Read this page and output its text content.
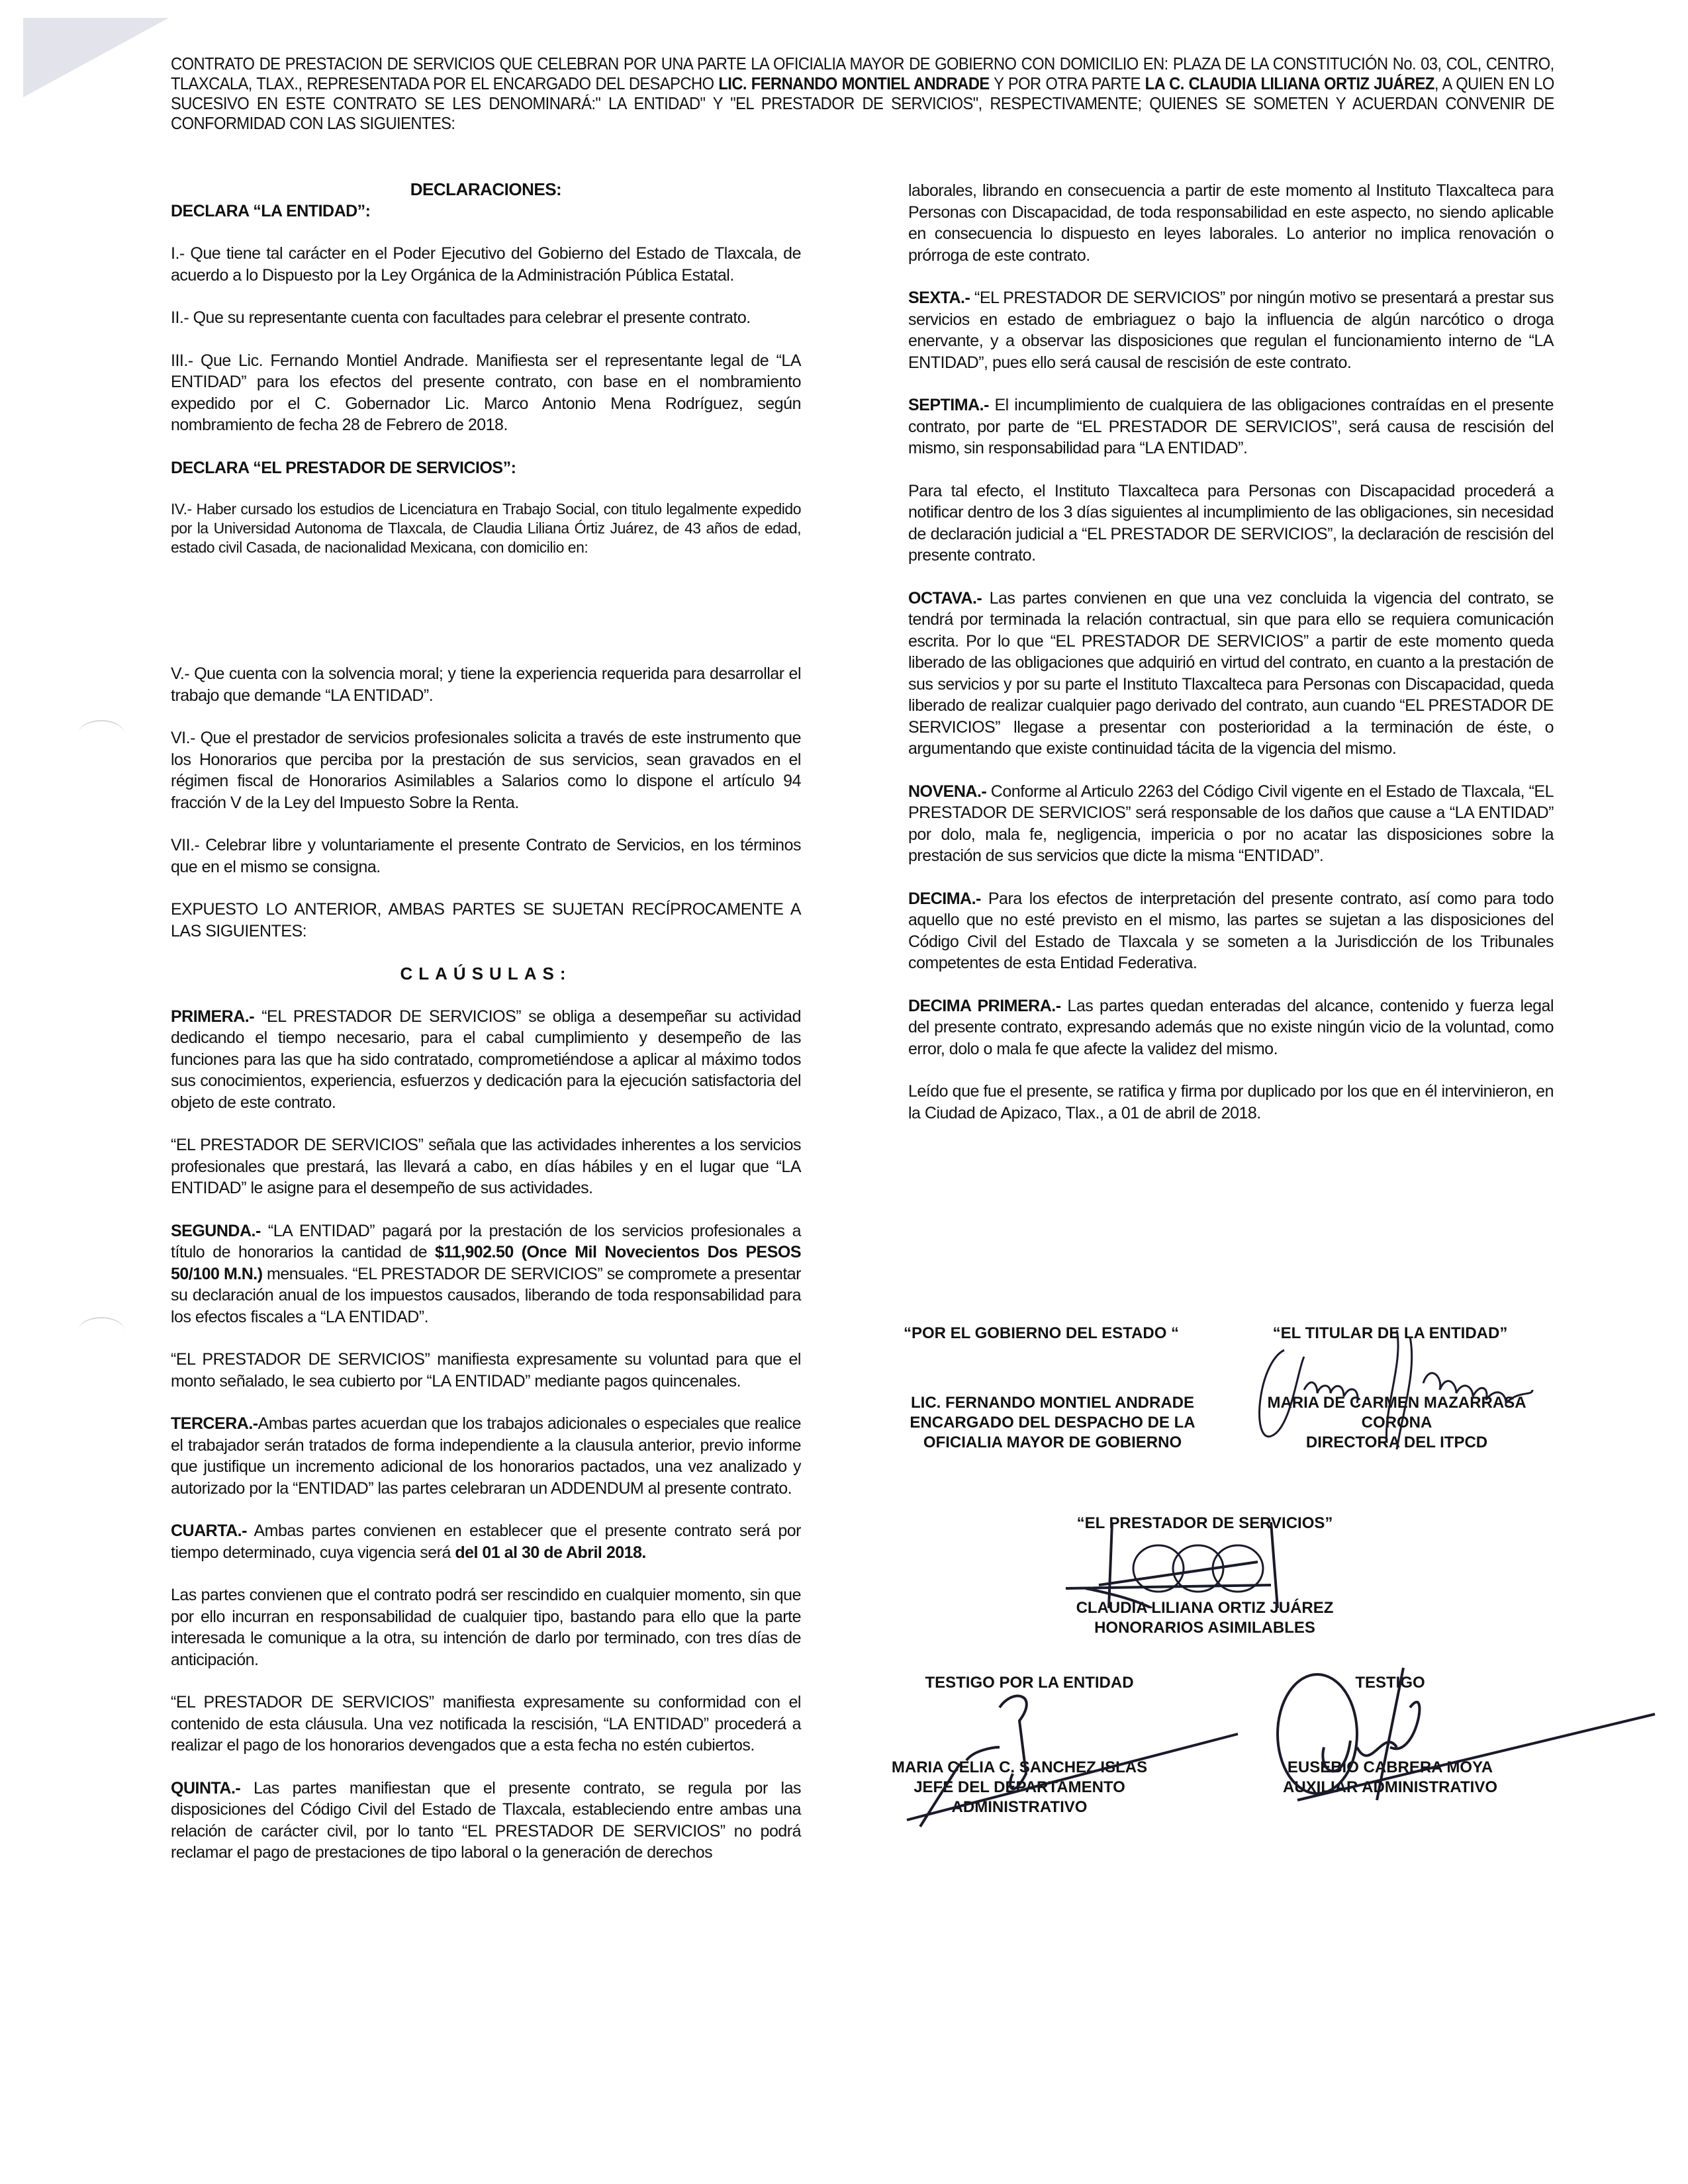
CONTRATO DE PRESTACION DE SERVICIOS QUE CELEBRAN POR UNA PARTE LA OFICIALIA MAYOR DE GOBIERNO CON DOMICILIO EN: PLAZA DE LA CONSTITUCIÓN No. 03, COL, CENTRO, TLAXCALA, TLAX., REPRESENTADA POR EL ENCARGADO DEL DESAPCHO LIC. FERNANDO MONTIEL ANDRADE Y POR OTRA PARTE LA C. CLAUDIA LILIANA ORTIZ JUÁREZ, A QUIEN EN LO SUCESIVO EN ESTE CONTRATO SE LES DENOMINARÁ:" LA ENTIDAD" Y "EL PRESTADOR DE SERVICIOS", RESPECTIVAMENTE; QUIENES SE SOMETEN Y ACUERDAN CONVENIR DE CONFORMIDAD CON LAS SIGUIENTES:

DECLARACIONES:

DECLARA “LA ENTIDAD”:

I.- Que tiene tal carácter en el Poder Ejecutivo del Gobierno del Estado de Tlaxcala, de acuerdo a lo Dispuesto por la Ley Orgánica de la Administración Pública Estatal.

II.- Que su representante cuenta con facultades para celebrar el presente contrato.

III.- Que Lic. Fernando Montiel Andrade. Manifiesta ser el representante legal de “LA ENTIDAD” para los efectos del presente contrato, con base en el nombramiento expedido por el C. Gobernador Lic. Marco Antonio Mena Rodríguez, según nombramiento de fecha 28 de Febrero de 2018.

DECLARA “EL PRESTADOR DE SERVICIOS”:

IV.- Haber cursado los estudios de Licenciatura en Trabajo Social, con titulo legalmente expedido por la Universidad Autonoma de Tlaxcala, de Claudia Liliana Órtiz Juárez, de 43 años de edad, estado civil Casada, de nacionalidad Mexicana, con domicilio en:

V.- Que cuenta con la solvencia moral; y tiene la experiencia requerida para desarrollar el trabajo que demande “LA ENTIDAD”.

VI.- Que el prestador de servicios profesionales solicita a través de este instrumento que los Honorarios que perciba por la prestación de sus servicios, sean gravados en el régimen fiscal de Honorarios Asimilables a Salarios como lo dispone el artículo 94 fracción V de la Ley del Impuesto Sobre la Renta.

VII.- Celebrar libre y voluntariamente el presente Contrato de Servicios, en los términos que en el mismo se consigna.

EXPUESTO LO ANTERIOR, AMBAS PARTES SE SUJETAN RECÍPROCAMENTE A LAS SIGUIENTES:

CLAÚSULAS:

PRIMERA.- “EL PRESTADOR DE SERVICIOS” se obliga a desempeñar su actividad dedicando el tiempo necesario, para el cabal cumplimiento y desempeño de las funciones para las que ha sido contratado, comprometiéndose a aplicar al máximo todos sus conocimientos, experiencia, esfuerzos y dedicación para la ejecución satisfactoria del objeto de este contrato.

“EL PRESTADOR DE SERVICIOS” señala que las actividades inherentes a los servicios profesionales que prestará, las llevará a cabo, en días hábiles y en el lugar que “LA ENTIDAD” le asigne para el desempeño de sus actividades.

SEGUNDA.- “LA ENTIDAD” pagará por la prestación de los servicios profesionales a título de honorarios la cantidad de $11,902.50 (Once Mil Novecientos Dos PESOS 50/100 M.N.) mensuales. “EL PRESTADOR DE SERVICIOS” se compromete a presentar su declaración anual de los impuestos causados, liberando de toda responsabilidad para los efectos fiscales a “LA ENTIDAD”.

“EL PRESTADOR DE SERVICIOS” manifiesta expresamente su voluntad para que el monto señalado, le sea cubierto por “LA ENTIDAD” mediante pagos quincenales.

TERCERA.-Ambas partes acuerdan que los trabajos adicionales o especiales que realice el trabajador serán tratados de forma independiente a la clausula anterior, previo informe que justifique un incremento adicional de los honorarios pactados, una vez analizado y autorizado por la “ENTIDAD” las partes celebraran un ADDENDUM al presente contrato.

CUARTA.- Ambas partes convienen en establecer que el presente contrato será por tiempo determinado, cuya vigencia será del 01 al 30 de Abril 2018.

Las partes convienen que el contrato podrá ser rescindido en cualquier momento, sin que por ello incurran en responsabilidad de cualquier tipo, bastando para ello que la parte interesada le comunique a la otra, su intención de darlo por terminado, con tres días de anticipación.

“EL PRESTADOR DE SERVICIOS” manifiesta expresamente su conformidad con el contenido de esta cláusula. Una vez notificada la rescisión, “LA ENTIDAD” procederá a realizar el pago de los honorarios devengados que a esta fecha no estén cubiertos.

QUINTA.- Las partes manifiestan que el presente contrato, se regula por las disposiciones del Código Civil del Estado de Tlaxcala, estableciendo entre ambas una relación de carácter civil, por lo tanto “EL PRESTADOR DE SERVICIOS” no podrá reclamar el pago de prestaciones de tipo laboral o la generación de derechos

laborales, librando en consecuencia a partir de este momento al Instituto Tlaxcalteca para Personas con Discapacidad, de toda responsabilidad en este aspecto, no siendo aplicable en consecuencia lo dispuesto en leyes laborales. Lo anterior no implica renovación o prórroga de este contrato.

SEXTA.- “EL PRESTADOR DE SERVICIOS” por ningún motivo se presentará a prestar sus servicios en estado de embriaguez o bajo la influencia de algún narcótico o droga enervante, y a observar las disposiciones que regulan el funcionamiento interno de “LA ENTIDAD”, pues ello será causal de rescisión de este contrato.

SEPTIMA.- El incumplimiento de cualquiera de las obligaciones contraídas en el presente contrato, por parte de “EL PRESTADOR DE SERVICIOS”, será causa de rescisión del mismo, sin responsabilidad para “LA ENTIDAD”.

Para tal efecto, el Instituto Tlaxcalteca para Personas con Discapacidad procederá a notificar dentro de los 3 días siguientes al incumplimiento de las obligaciones, sin necesidad de declaración judicial a “EL PRESTADOR DE SERVICIOS”, la declaración de rescisión del presente contrato.

OCTAVA.- Las partes convienen en que una vez concluida la vigencia del contrato, se tendrá por terminada la relación contractual, sin que para ello se requiera comunicación escrita. Por lo que “EL PRESTADOR DE SERVICIOS” a partir de este momento queda liberado de las obligaciones que adquirió en virtud del contrato, en cuanto a la prestación de sus servicios y por su parte el Instituto Tlaxcalteca para Personas con Discapacidad, queda liberado de realizar cualquier pago derivado del contrato, aun cuando “EL PRESTADOR DE SERVICIOS” llegase a presentar con posterioridad a la terminación de éste, o argumentando que existe continuidad tácita de la vigencia del mismo.

NOVENA.- Conforme al Articulo 2263 del Código Civil vigente en el Estado de Tlaxcala, “EL PRESTADOR DE SERVICIOS” será responsable de los daños que cause a “LA ENTIDAD” por dolo, mala fe, negligencia, impericia o por no acatar las disposiciones sobre la prestación de sus servicios que dicte la misma “ENTIDAD”.

DECIMA.- Para los efectos de interpretación del presente contrato, así como para todo aquello que no esté previsto en el mismo, las partes se sujetan a las disposiciones del Código Civil del Estado de Tlaxcala y se someten a la Jurisdicción de los Tribunales competentes de esta Entidad Federativa.

DECIMA PRIMERA.- Las partes quedan enteradas del alcance, contenido y fuerza legal del presente contrato, expresando además que no existe ningún vicio de la voluntad, como error, dolo o mala fe que afecte la validez del mismo.

Leído que fue el presente, se ratifica y firma por duplicado por los que en él intervinieron, en la Ciudad de Apizaco, Tlax., a 01 de abril de 2018.

“POR EL GOBIERNO DEL ESTADO “
LIC. FERNANDO MONTIEL ANDRADE
ENCARGADO DEL DESPACHO DE LA
OFICIALIA MAYOR DE GOBIERNO
“EL TITULAR DE LA ENTIDAD”
MARIA DE CARMEN MAZARRASA
CORONA
DIRECTORA DEL ITPCD
“EL PRESTADOR DE SERVICIOS”
CLAUDIA LILIANA ORTIZ JUÁREZ
HONORARIOS ASIMILABLES
TESTIGO POR LA ENTIDAD
MARIA CELIA C. SANCHEZ ISLAS
JEFE DEL DEPARTAMENTO
ADMINISTRATIVO
TESTIGO
EUSEBIO CABRERA MOYA
AUXILIAR ADMINISTRATIVO
